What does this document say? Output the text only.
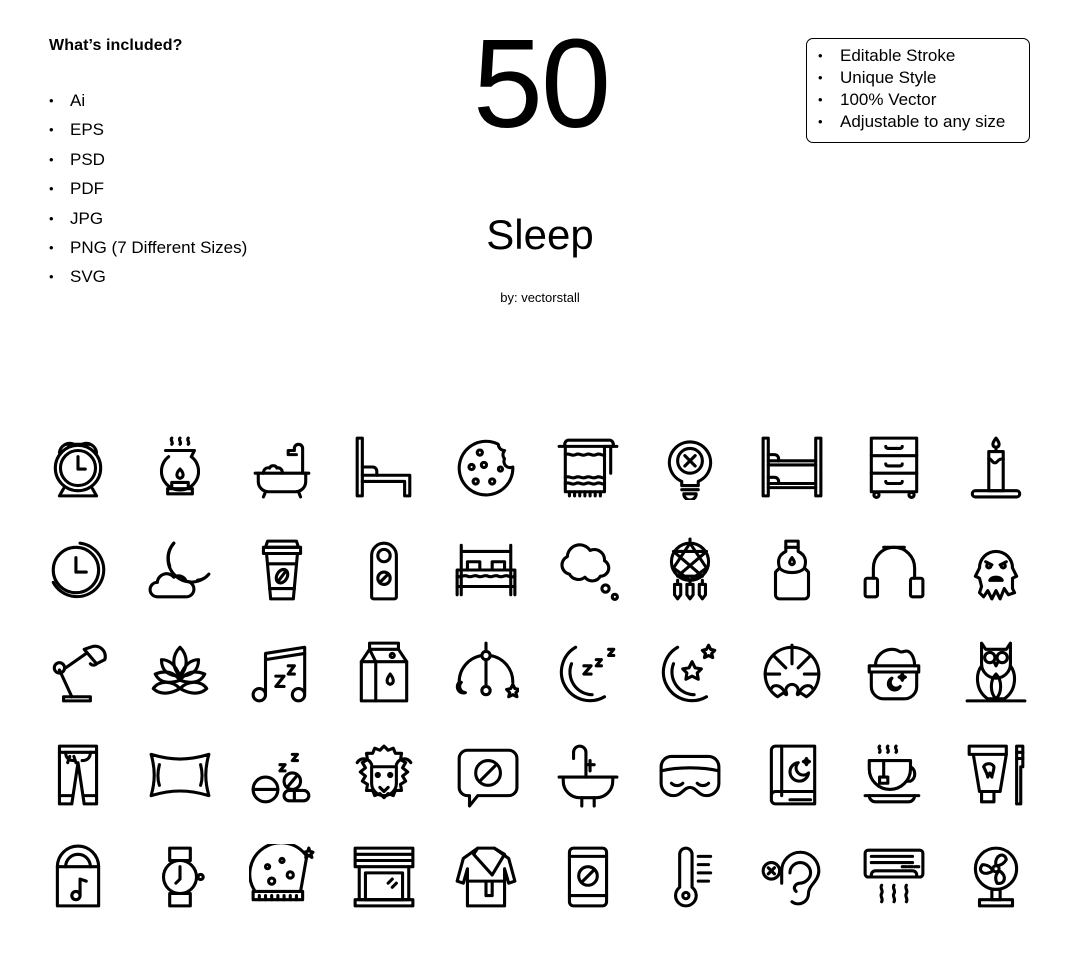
What’s included?
• Ai
• EPS
• PSD
• PDF
• JPG
• PNG (7 Different Sizes)
• SVG
50
Sleep
by: vectorstall
•	Editable Stroke
•	Unique Style
•	100% Vector
•	Adjustable to any size
